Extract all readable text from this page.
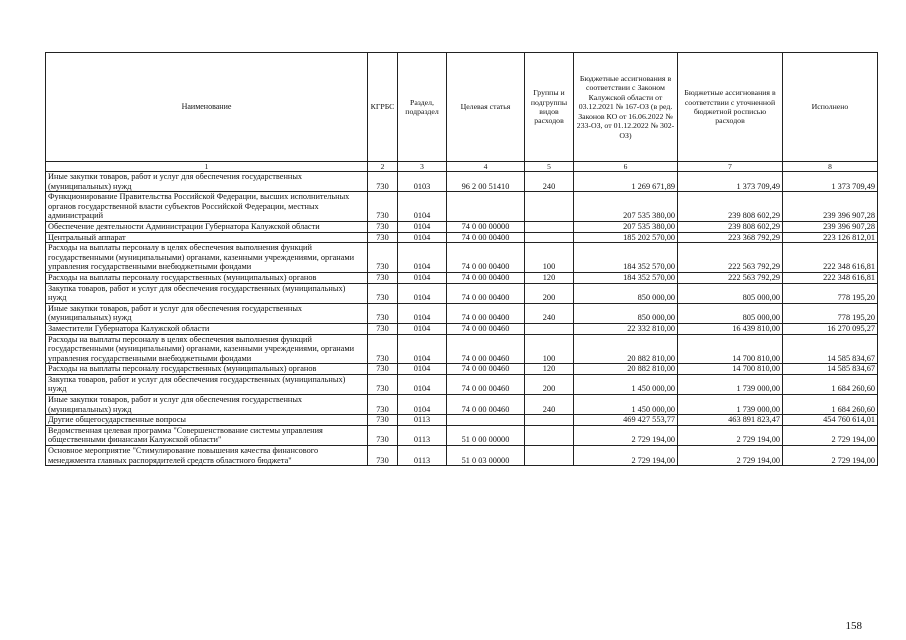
Наименование	КГРБС	Раздел, подраздел	Целевая статья	Группы и подгруппы видов расходов	Бюджетные ассигнования в соответствии с Законом Калужской области от 03.12.2021 № 167-ОЗ (в ред. Законов КО от 16.06.2022 № 233-ОЗ, от 01.12.2022 № 302-ОЗ)	Бюджетные ассигнования в соответствии с уточненной бюджетной росписью расходов	Исполнено
1	2	3	4	5	6	7	8
Иные закупки товаров, работ и услуг для обеспечения государственных (муниципальных) нужд	730	0103	96 2 00 51410	240	1 269 671,89	1 373 709,49	1 373 709,49
Функционирование Правительства Российской Федерации, высших исполнительных органов государственной власти субъектов Российской Федерации, местных администраций	730	0104			207 535 380,00	239 808 602,29	239 396 907,28
Обеспечение деятельности Администрации Губернатора Калужской области	730	0104	74 0 00 00000		207 535 380,00	239 808 602,29	239 396 907,28
Центральный аппарат	730	0104	74 0 00 00400		185 202 570,00	223 368 792,29	223 126 812,01
Расходы на выплаты персоналу в целях обеспечения выполнения функций государственными (муниципальными) органами, казенными учреждениями, органами управления государственными внебюджетными фондами	730	0104	74 0 00 00400	100	184 352 570,00	222 563 792,29	222 348 616,81
Расходы на выплаты персоналу государственных (муниципальных) органов	730	0104	74 0 00 00400	120	184 352 570,00	222 563 792,29	222 348 616,81
Закупка товаров, работ и услуг для обеспечения государственных (муниципальных) нужд	730	0104	74 0 00 00400	200	850 000,00	805 000,00	778 195,20
Иные закупки товаров, работ и услуг для обеспечения государственных (муниципальных) нужд	730	0104	74 0 00 00400	240	850 000,00	805 000,00	778 195,20
Заместители Губернатора Калужской области	730	0104	74 0 00 00460		22 332 810,00	16 439 810,00	16 270 095,27
Расходы на выплаты персоналу в целях обеспечения выполнения функций государственными (муниципальными) органами, казенными учреждениями, органами управления государственными внебюджетными фондами	730	0104	74 0 00 00460	100	20 882 810,00	14 700 810,00	14 585 834,67
Расходы на выплаты персоналу государственных (муниципальных) органов	730	0104	74 0 00 00460	120	20 882 810,00	14 700 810,00	14 585 834,67
Закупка товаров, работ и услуг для обеспечения государственных (муниципальных) нужд	730	0104	74 0 00 00460	200	1 450 000,00	1 739 000,00	1 684 260,60
Иные закупки товаров, работ и услуг для обеспечения государственных (муниципальных) нужд	730	0104	74 0 00 00460	240	1 450 000,00	1 739 000,00	1 684 260,60
Другие общегосударственные вопросы	730	0113			469 427 553,77	463 891 823,47	454 760 614,01
Ведомственная целевая программа "Совершенствование системы управления общественными финансами Калужской области"	730	0113	51 0 00 00000		2 729 194,00	2 729 194,00	2 729 194,00
Основное мероприятие "Стимулирование повышения качества финансового менеджмента главных распорядителей средств областного бюджета"	730	0113	51 0 03 00000		2 729 194,00	2 729 194,00	2 729 194,00
158
